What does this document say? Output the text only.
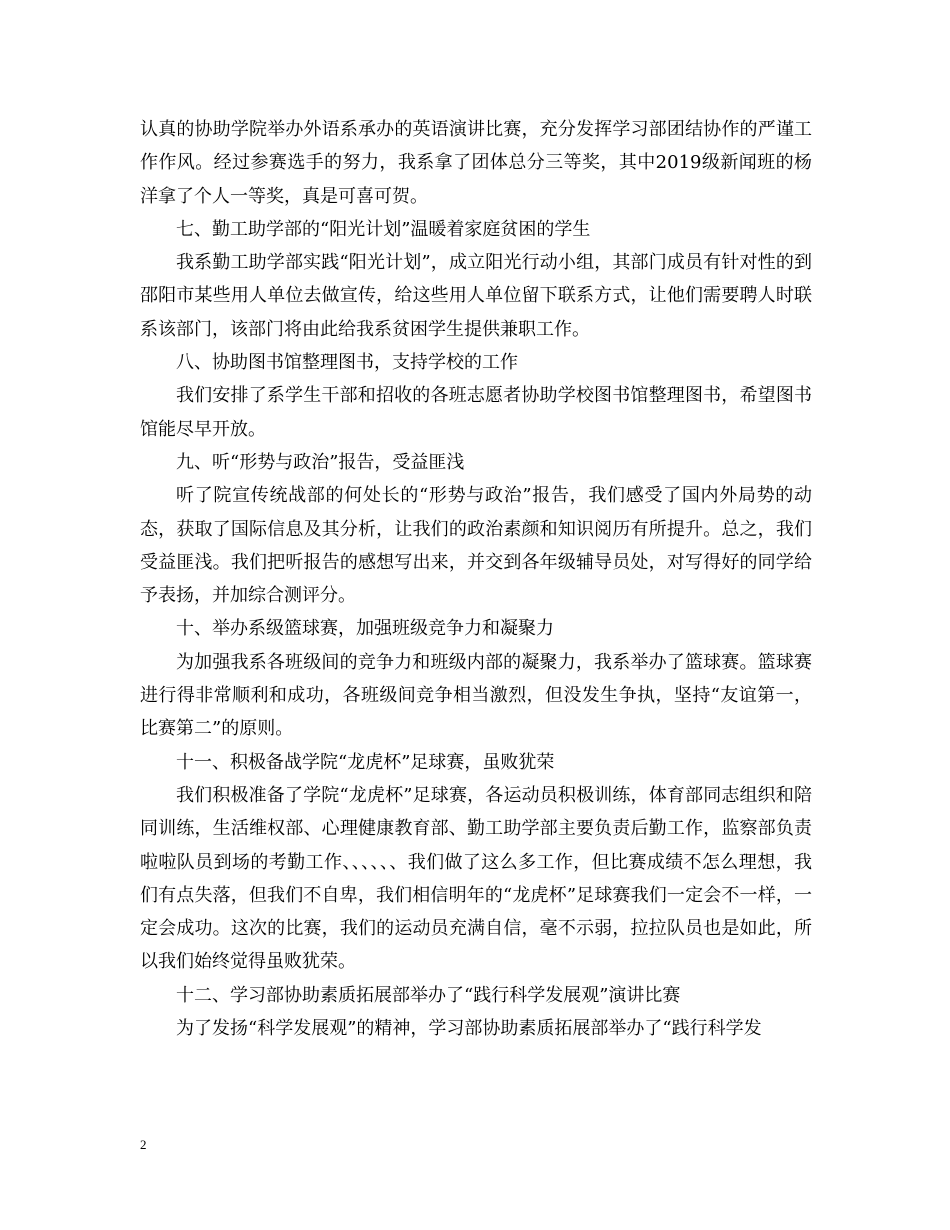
认真的协助学院举办外语系承办的英语演讲比赛，充分发挥学习部团结协作的严谨工作作风。经过参赛选手的努力，我系拿了团体总分三等奖，其中2019级新闻班的杨洋拿了个人一等奖，真是可喜可贺。

七、勤工助学部的“阳光计划”温暖着家庭贫困的学生

我系勤工助学部实践“阳光计划”，成立阳光行动小组，其部门成员有针对性的到邵阳市某些用人单位去做宣传，给这些用人单位留下联系方式，让他们需要聘人时联系该部门，该部门将由此给我系贫困学生提供兼职工作。

八、协助图书馆整理图书，支持学校的工作

我们安排了系学生干部和招收的各班志愿者协助学校图书馆整理图书，希望图书馆能尽早开放。

九、听“形势与政治”报告，受益匪浅

听了院宣传统战部的何处长的“形势与政治”报告，我们感受了国内外局势的动态，获取了国际信息及其分析，让我们的政治素颜和知识阅历有所提升。总之，我们受益匪浅。我们把听报告的感想写出来，并交到各年级辅导员处，对写得好的同学给予表扬，并加综合测评分。

十、举办系级篮球赛，加强班级竞争力和凝聚力

为加强我系各班级间的竞争力和班级内部的凝聚力，我系举办了篮球赛。篮球赛进行得非常顺利和成功，各班级间竞争相当激烈，但没发生争执，坚持“友谊第一，比赛第二”的原则。

十一、积极备战学院“龙虎杯”足球赛，虽败犹荣

我们积极准备了学院“龙虎杯”足球赛，各运动员积极训练，体育部同志组织和陪同训练，生活维权部、心理健康教育部、勤工助学部主要负责后勤工作，监察部负责啦啦队员到场的考勤工作、、、、、、我们做了这么多工作，但比赛成绩不怎么理想，我们有点失落，但我们不自卑，我们相信明年的“龙虎杯”足球赛我们一定会不一样，一定会成功。这次的比赛，我们的运动员充满自信，毫不示弱，拉拉队员也是如此，所以我们始终觉得虽败犹荣。

十二、学习部协助素质拓展部举办了“践行科学发展观”演讲比赛

为了发扬“科学发展观”的精神，学习部协助素质拓展部举办了“践行科学发

2
